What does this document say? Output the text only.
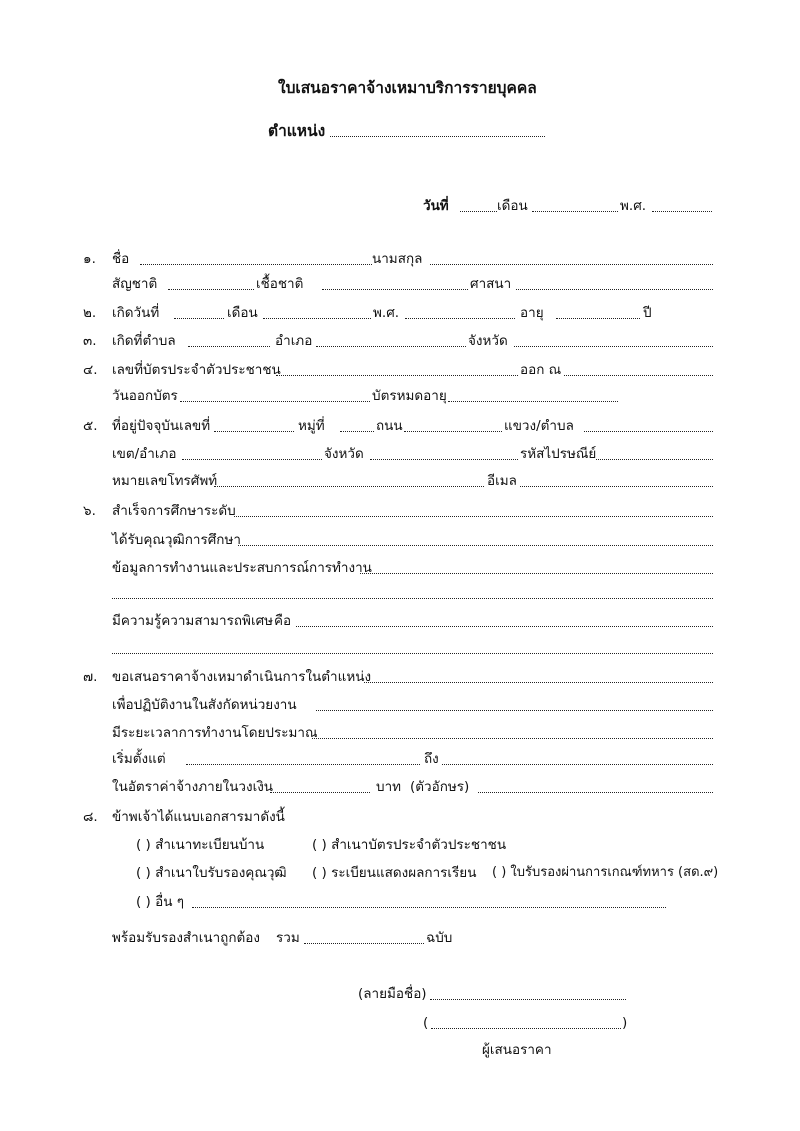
ใบเสนอราคาจ้างเหมาบริการรายบุคคล
ตำแหน่ง
วันที่	เดือน	พ.ศ.
๑. ชื่อ	นามสกุล
สัญชาติ	เชื้อชาติ	ศาสนา
๒. เกิดวันที่	เดือน	พ.ศ.	อายุ	ปี
๓. เกิดที่ตำบล	อำเภอ	จังหวัด
๔. เลขที่บัตรประจำตัวประชาชน	ออก ณ
วันออกบัตร	บัตรหมดอายุ
๕. ที่อยู่ปัจจุบันเลขที่	หมู่ที่	ถนน	แขวง/ตำบล
เขต/อำเภอ	จังหวัด	รหัสไปรษณีย์
หมายเลขโทรศัพท์	อีเมล
๖. สำเร็จการศึกษาระดับ
ได้รับคุณวุฒิการศึกษา
ข้อมูลการทำงานและประสบการณ์การทำงาน
มีความรู้ความสามารถพิเศษ คือ
๗. ขอเสนอราคาจ้างเหมาดำเนินการในตำแหน่ง
เพื่อปฏิบัติงานในสังกัดหน่วยงาน
มีระยะเวลาการทำงานโดยประมาณ
เริ่มตั้งแต่	ถึง
ในอัตราค่าจ้างภายในวงเงิน	บาท (ตัวอักษร)
๘. ข้าพเจ้าได้แนบเอกสารมาดังนี้
( ) สำเนาทะเบียนบ้าน	( ) สำเนาบัตรประจำตัวประชาชน
( ) สำเนาใบรับรองคุณวุฒิ ( ) ระเบียนแสดงผลการเรียน ( ) ใบรับรองผ่านการเกณฑ์ทหาร (สด.๙)
( ) อื่น ๆ
พร้อมรับรองสำเนาถูกต้อง รวม	ฉบับ
(ลายมือชื่อ)
(	)
ผู้เสนอราคา
